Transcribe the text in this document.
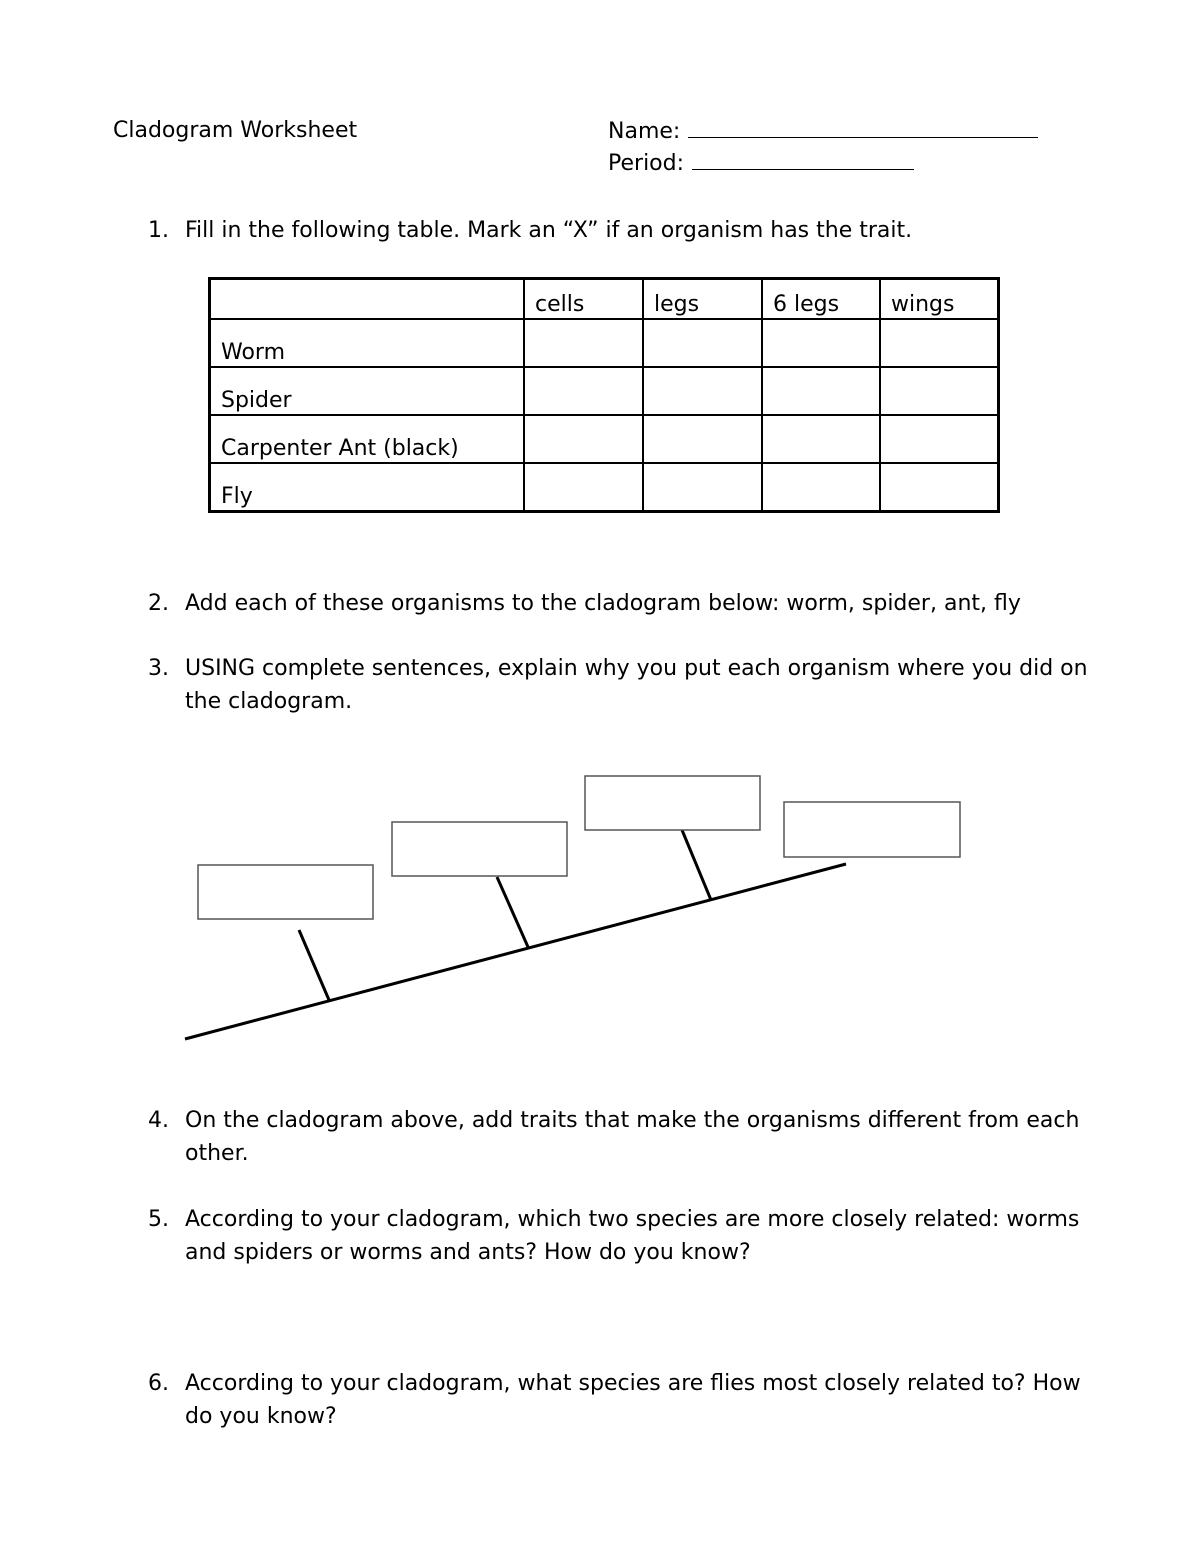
Cladogram Worksheet	Name:
Period:
1. Fill in the following table. Mark an “X” if an organism has the trait.
	cells	legs	6 legs	wings
Worm				
Spider				
Carpenter Ant (black)				
Fly				
2. Add each of these organisms to the cladogram below: worm, spider, ant, fly
3. USING complete sentences, explain why you put each organism where you did on the cladogram.
4. On the cladogram above, add traits that make the organisms different from each other.
5. According to your cladogram, which two species are more closely related: worms and spiders or worms and ants? How do you know?
6. According to your cladogram, what species are flies most closely related to? How do you know?
